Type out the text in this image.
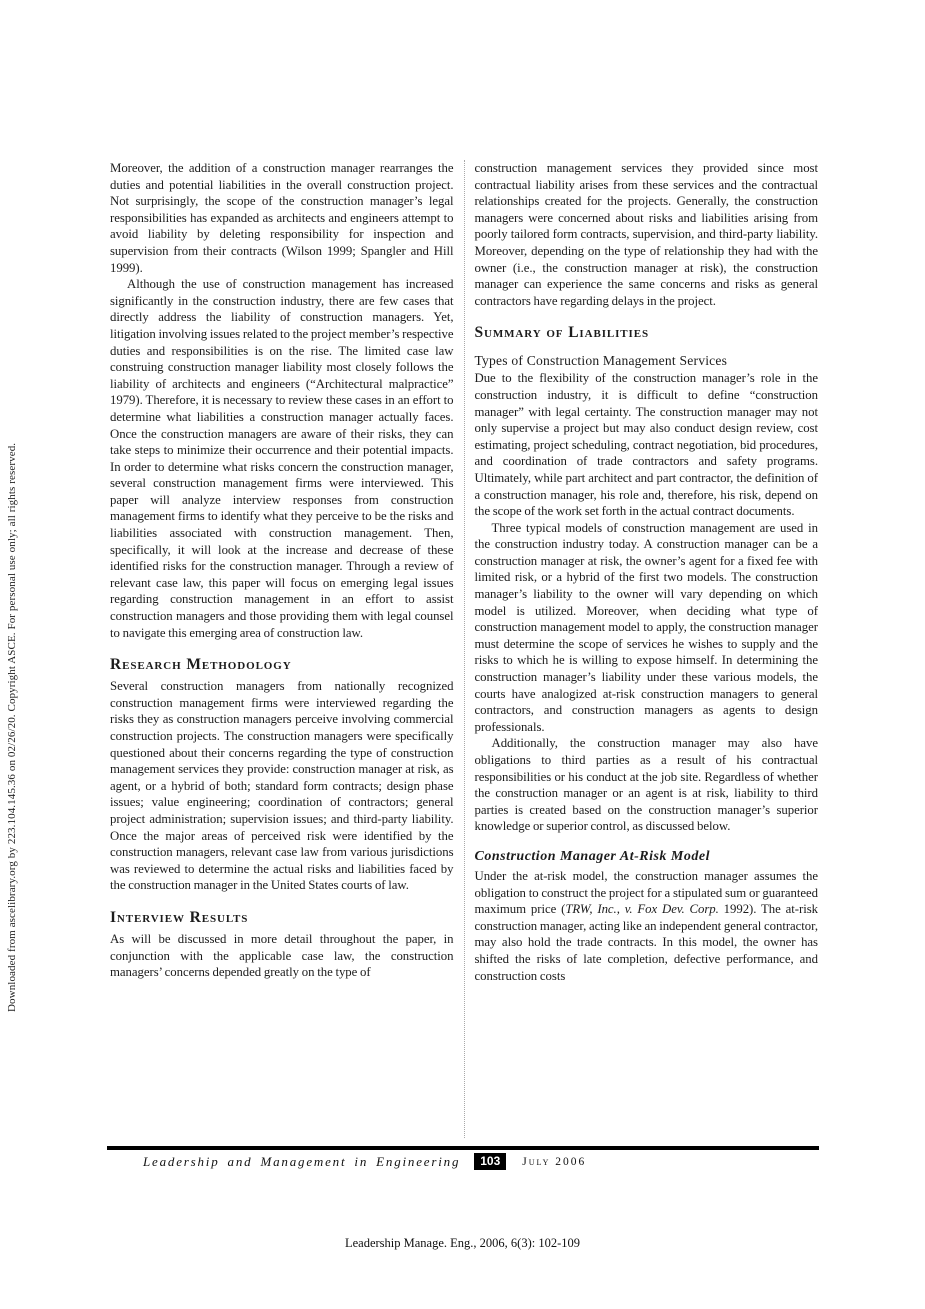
Downloaded from ascelibrary.org by 223.104.145.36 on 02/26/20. Copyright ASCE. For personal use only; all rights reserved.

Moreover, the addition of a construction manager rearranges the duties and potential liabilities in the overall construction project. Not surprisingly, the scope of the construction manager’s legal responsibilities has expanded as architects and engineers attempt to avoid liability by deleting responsibility for inspection and supervision from their contracts (Wilson 1999; Spangler and Hill 1999).

Although the use of construction management has increased significantly in the construction industry, there are few cases that directly address the liability of construction managers. Yet, litigation involving issues related to the project member’s respective duties and responsibilities is on the rise. The limited case law construing construction manager liability most closely follows the liability of architects and engineers (“Architectural malpractice” 1979). Therefore, it is necessary to review these cases in an effort to determine what liabilities a construction manager actually faces. Once the construction managers are aware of their risks, they can take steps to minimize their occurrence and their potential impacts. In order to determine what risks concern the construction manager, several construction management firms were interviewed. This paper will analyze interview responses from construction management firms to identify what they perceive to be the risks and liabilities associated with construction management. Then, specifically, it will look at the increase and decrease of these identified risks for the construction manager. Through a review of relevant case law, this paper will focus on emerging legal issues regarding construction management in an effort to assist construction managers and those providing them with legal counsel to navigate this emerging area of construction law.

Research Methodology

Several construction managers from nationally recognized construction management firms were interviewed regarding the risks they as construction managers perceive involving commercial construction projects. The construction managers were specifically questioned about their concerns regarding the type of construction management services they provide: construction manager at risk, as agent, or a hybrid of both; standard form contracts; design phase issues; value engineering; coordination of contractors; general project administration; supervision issues; and third-party liability. Once the major areas of perceived risk were identified by the construction managers, relevant case law from various jurisdictions was reviewed to determine the actual risks and liabilities faced by the construction manager in the United States courts of law.

Interview Results

As will be discussed in more detail throughout the paper, in conjunction with the applicable case law, the construction managers’ concerns depended greatly on the type of

construction management services they provided since most contractual liability arises from these services and the contractual relationships created for the projects. Generally, the construction managers were concerned about risks and liabilities arising from poorly tailored form contracts, supervision, and third-party liability. Moreover, depending on the type of relationship they had with the owner (i.e., the construction manager at risk), the construction manager can experience the same concerns and risks as general contractors have regarding delays in the project.

Summary of Liabilities
Types of Construction Management Services

Due to the flexibility of the construction manager’s role in the construction industry, it is difficult to define “construction manager” with legal certainty. The construction manager may not only supervise a project but may also conduct design review, cost estimating, project scheduling, contract negotiation, bid procedures, and coordination of trade contractors and safety programs. Ultimately, while part architect and part contractor, the definition of a construction manager, his role and, therefore, his risk, depend on the scope of the work set forth in the actual contract documents.

Three typical models of construction management are used in the construction industry today. A construction manager can be a construction manager at risk, the owner’s agent for a fixed fee with limited risk, or a hybrid of the first two models. The construction manager’s liability to the owner will vary depending on which model is utilized. Moreover, when deciding what type of construction management model to apply, the construction manager must determine the scope of services he wishes to supply and the risks to which he is willing to expose himself. In determining the construction manager’s liability under these various models, the courts have analogized at-risk construction managers to general contractors, and construction managers as agents to design professionals.

Additionally, the construction manager may also have obligations to third parties as a result of his contractual responsibilities or his conduct at the job site. Regardless of whether the construction manager or an agent is at risk, liability to third parties is created based on the construction manager’s superior knowledge or superior control, as discussed below.

Construction Manager At-Risk Model

Under the at-risk model, the construction manager assumes the obligation to construct the project for a stipulated sum or guaranteed maximum price (TRW, Inc., v. Fox Dev. Corp. 1992). The at-risk construction manager, acting like an independent general contractor, may also hold the trade contracts. In this model, the owner has shifted the risks of late completion, defective performance, and construction costs

Leadership and Management in Engineering	103	July 2006
Leadership Manage. Eng., 2006, 6(3): 102-109
